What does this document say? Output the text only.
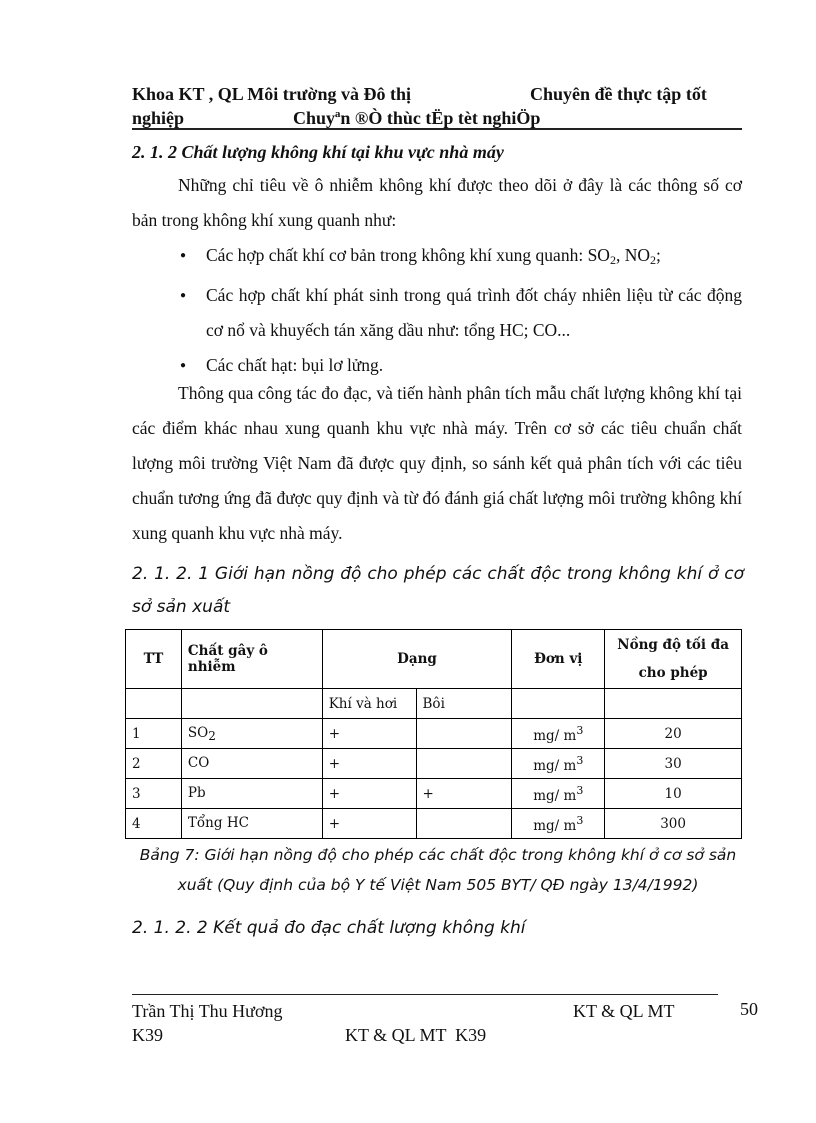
Khoa KT , QL Môi trường và Đô thị	Chuyên đề thực tập tốt
nghiệp	Chuyªn ®Ò thùc tËp tèt nghiÖp
2. 1. 2 Chất lượng không khí tại khu vực nhà máy
Những chỉ tiêu về ô nhiễm không khí được theo dõi ở đây là các thông số cơ bản trong không khí xung quanh như:
● Các hợp chất khí cơ bản trong không khí xung quanh: $SO_2$, $NO_2$;
● Các hợp chất khí phát sinh trong quá trình đốt cháy nhiên liệu từ các động cơ nổ và khuyếch tán xăng dầu như: tổng HC; CO...
● Các chất hạt: bụi lơ lửng.
Thông qua công tác đo đạc, và tiến hành phân tích mẫu chất lượng không khí tại các điểm khác nhau xung quanh khu vực nhà máy. Trên cơ sở các tiêu chuẩn chất lượng môi trường Việt Nam đã được quy định, so sánh kết quả phân tích với các tiêu chuẩn tương ứng đã được quy định và từ đó đánh giá chất lượng môi trường không khí xung quanh khu vực nhà máy.
2. 1. 2. 1 Giới hạn nồng độ cho phép các chất độc trong không khí ở cơ sở sản xuất
TT	Chất gây ô nhiễm	Dạng		Đơn vị	Nồng độ tối đa cho phép
		Khí và hơi	Bôi		
1	SO2	+		mg/ $m^3$	20
2	CO	+		mg/ $m^3$	30
3	Pb	+	+	mg/ $m^3$	10
4	Tổng HC	+		mg/ $m^3$	300
Bảng 7: Giới hạn nồng độ cho phép các chất độc trong không khí ở cơ sở sản xuất (Quy định của bộ Y tế Việt Nam 505 BYT/ QĐ ngày 13/4/1992)
2. 1. 2. 2 Kết quả đo đạc chất lượng không khí
Trần Thị Thu Hương	KT & QL MT	50
K39	KT & QL MT  K39
